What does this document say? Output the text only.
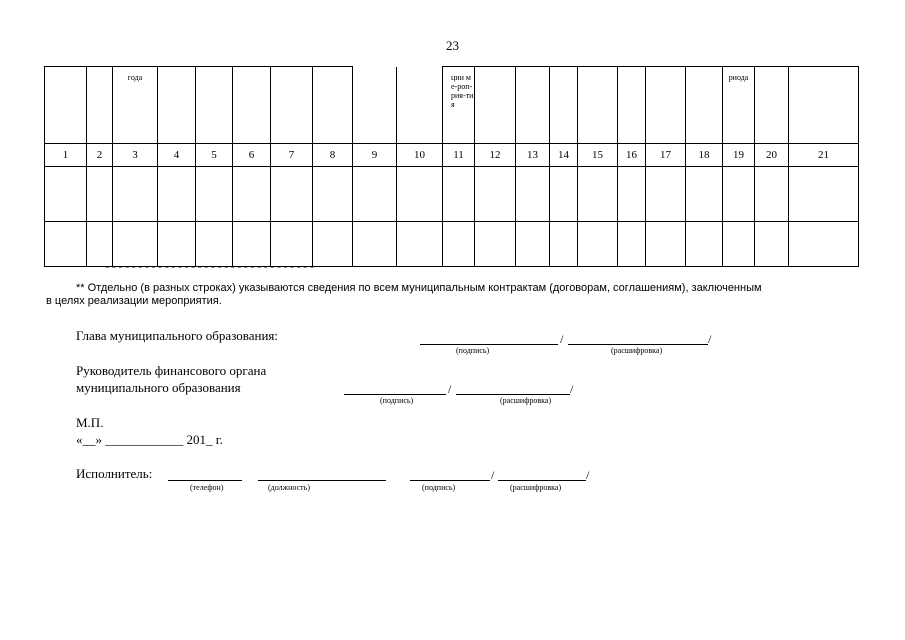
23
		года								ции ме-роп-рия-тия								риода		
1	2	3	4	5	6	7	8	9	10	11	12	13	14	15	16	17	18	19	20	21

--------------------------------
** Отдельно (в разных строках) указываются сведения по всем муниципальным контрактам (договорам, соглашениям), заключенным
в целях реализации мероприятия.
Глава муниципального образования:	/	/
(подпись)	(расшифровка)
Руководитель финансового органа
муниципального образования	/	/
(подпись)	(расшифровка)
М.П.
«__» ____________ 201_ г.
Исполнитель:	/	/
(телефон)	(должность)	(подпись)	(расшифровка)
